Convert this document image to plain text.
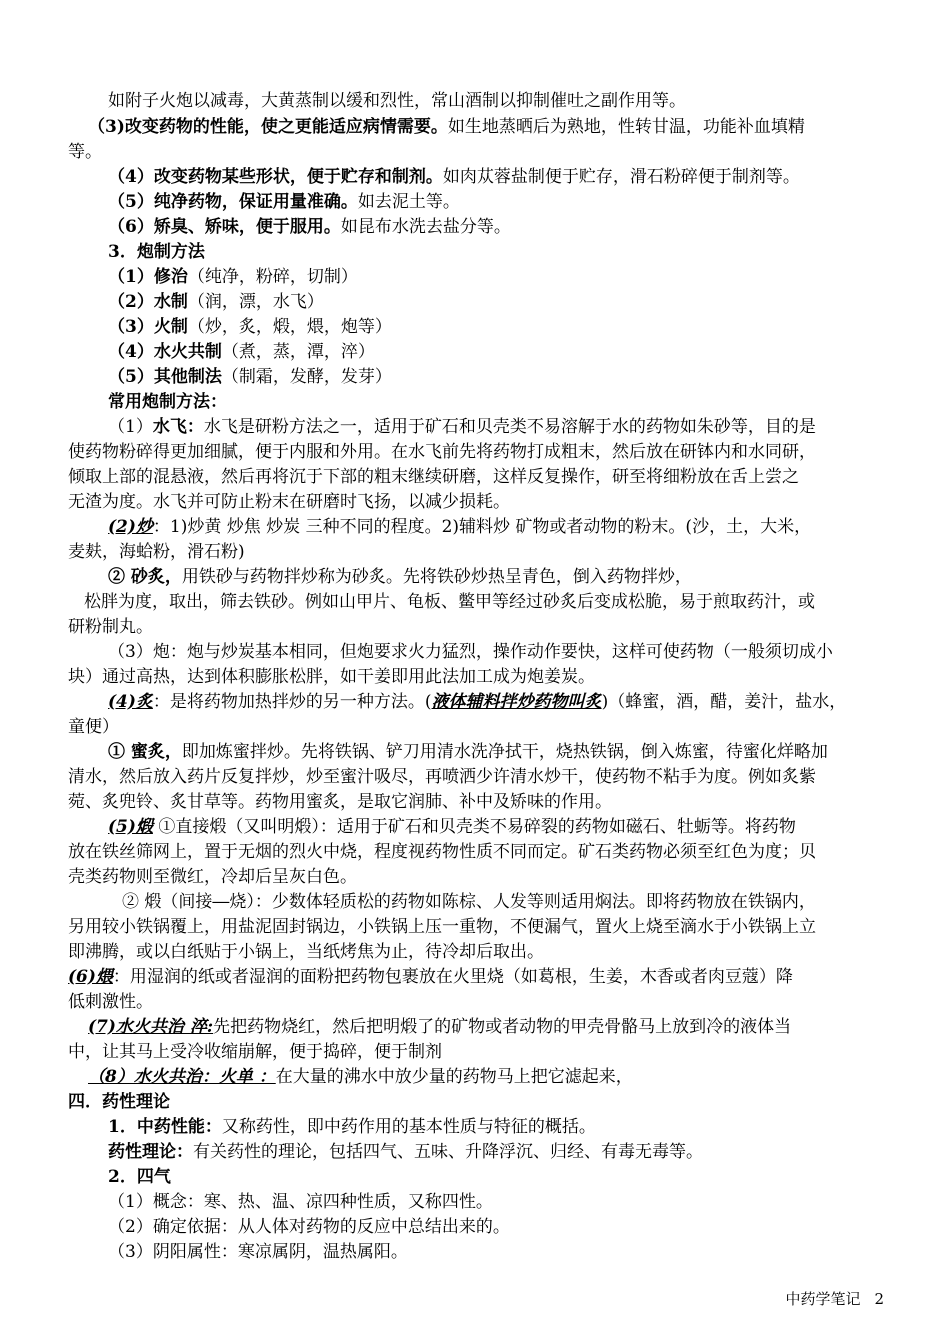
如附子火炮以减毒，大黄蒸制以缓和烈性，常山酒制以抑制催吐之副作用等。
（3)改变药物的性能，使之更能适应病情需要。如生地蒸晒后为熟地，性转甘温，功能补血填精
等。
（4）改变药物某些形状，便于贮存和制剂。如肉苁蓉盐制便于贮存，滑石粉碎便于制剂等。
（5）纯净药物，保证用量准确。如去泥土等。
（6）矫臭、矫味，便于服用。如昆布水洗去盐分等。
3．炮制方法
（1）修治（纯净，粉碎，切制）
（2）水制（润，漂，水飞）
（3）火制（炒，炙，煅，煨，炮等）
（4）水火共制（煮，蒸，潭，淬）
（5）其他制法（制霜，发酵，发芽）
常用炮制方法：
（1）水飞：水飞是研粉方法之一，适用于矿石和贝壳类不易溶解于水的药物如朱砂等，目的是
使药物粉碎得更加细腻，便于内服和外用。在水飞前先将药物打成粗末，然后放在研钵内和水同研，
倾取上部的混悬液，然后再将沉于下部的粗末继续研磨，这样反复操作，研至将细粉放在舌上尝之
无渣为度。水飞并可防止粉末在研磨时飞扬，以减少损耗。
(2)炒：1)炒黄 炒焦 炒炭 三种不同的程度。2)辅料炒 矿物或者动物的粉末。(沙，土，大米，
麦麸，海蛤粉，滑石粉)
② 砂炙，用铁砂与药物拌炒称为砂炙。先将铁砂炒热呈青色，倒入药物拌炒，
松胖为度，取出，筛去铁砂。例如山甲片、龟板、鳖甲等经过砂炙后变成松脆，易于煎取药汁，或
研粉制丸。
（3）炮：炮与炒炭基本相同，但炮要求火力猛烈，操作动作要快，这样可使药物（一般须切成小
块）通过高热，达到体积膨胀松胖，如干姜即用此法加工成为炮姜炭。
(4)炙：是将药物加热拌炒的另一种方法。(液体辅料拌炒药物叫炙)（蜂蜜，酒，醋，姜汁，盐水，
童便）
① 蜜炙，即加炼蜜拌炒。先将铁锅、铲刀用清水洗净拭干，烧热铁锅，倒入炼蜜，待蜜化烊略加
清水，然后放入药片反复拌炒，炒至蜜汁吸尽，再喷洒少许清水炒干，使药物不粘手为度。例如炙紫
菀、炙兜铃、炙甘草等。药物用蜜炙，是取它润肺、补中及矫味的作用。
(5)煅 ①直接煅（又叫明煅）：适用于矿石和贝壳类不易碎裂的药物如磁石、牡蛎等。将药物
放在铁丝筛网上，置于无烟的烈火中烧，程度视药物性质不同而定。矿石类药物必须至红色为度；贝
壳类药物则至微红，冷却后呈灰白色。
② 煅（间接―烧）：少数体轻质松的药物如陈棕、人发等则适用焖法。即将药物放在铁锅内，
另用较小铁锅覆上，用盐泥固封锅边，小铁锅上压一重物，不便漏气，置火上烧至滴水于小铁锅上立
即沸腾，或以白纸贴于小锅上，当纸烤焦为止，待冷却后取出。
(6)煨：用湿润的纸或者湿润的面粉把药物包裹放在火里烧（如葛根，生姜，木香或者肉豆蔻）降
低刺激性。
(7)水火共治 淬:先把药物烧红，然后把明煅了的矿物或者动物的甲壳骨骼马上放到冷的液体当
中，让其马上受冷收缩崩解，便于捣碎，便于制剂
（8）水火共治：火单 ：在大量的沸水中放少量的药物马上把它滤起来，
四．药性理论
1．中药性能：又称药性，即中药作用的基本性质与特征的概括。
药性理论：有关药性的理论，包括四气、五味、升降浮沉、归经、有毒无毒等。
2．四气
（1）概念：寒、热、温、凉四种性质，又称四性。
（2）确定依据：从人体对药物的反应中总结出来的。
（3）阴阳属性：寒凉属阴，温热属阳。
中药学笔记 2
